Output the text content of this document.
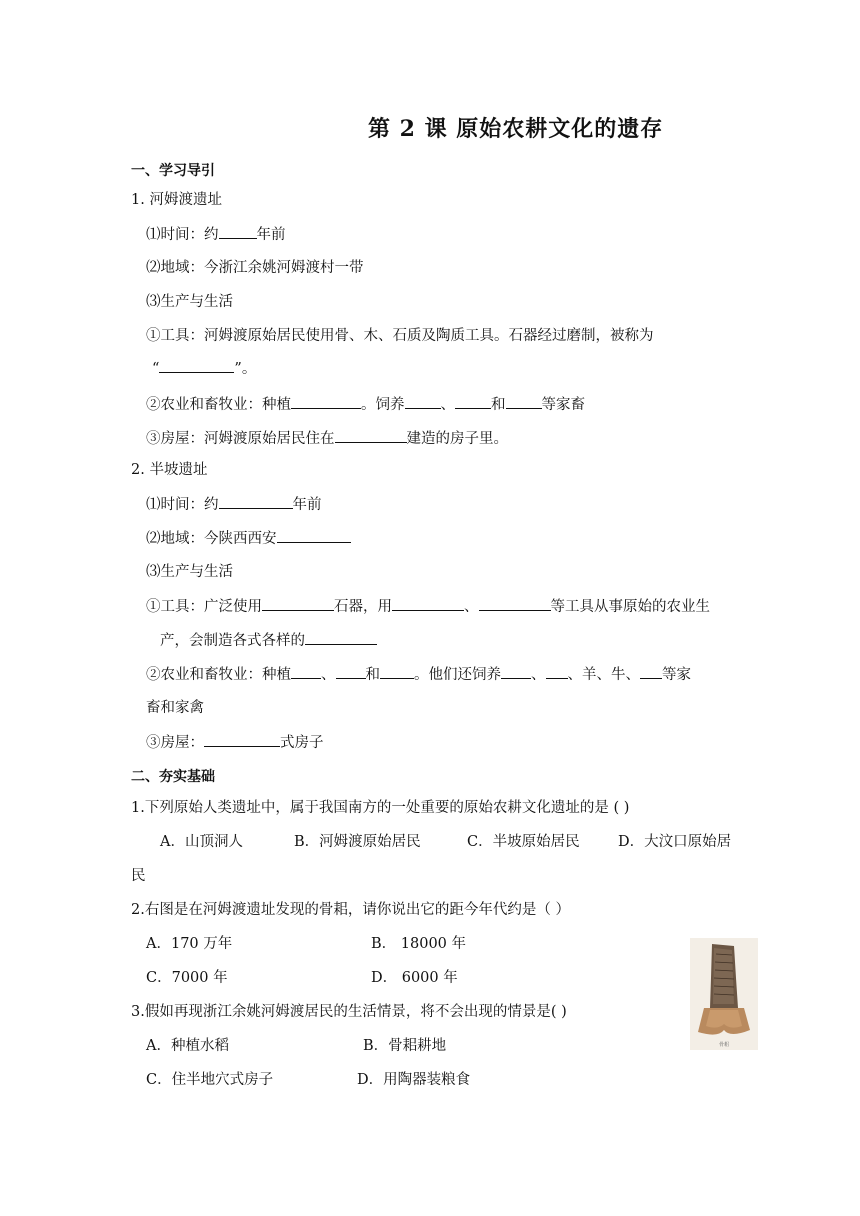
第 2 课 原始农耕文化的遗存
一、学习导引
1. 河姆渡遗址
⑴时间：约	年前
⑵地域：今浙江余姚河姆渡村一带
⑶生产与生活
①工具：河姆渡原始居民使用骨、木、石质及陶质工具。石器经过磨制，被称为
“	”。
②农业和畜牧业：种植	。饲养 、 和 等家畜
③房屋：河姆渡原始居民住在	建造的房子里。
2. 半坡遗址
⑴时间：约	年前
⑵地域：今陕西西安
⑶生产与生活
①工具：广泛使用	石器，用	、	等工具从事原始的农业生
产，会制造各式各样的
②农业和畜牧业：种植 、 和 。他们还饲养 、 、羊、牛、 等家
畜和家禽
③房屋：	式房子
二、夯实基础
1.下列原始人类遗址中，属于我国南方的一处重要的原始农耕文化遗址的是 ( )
A．山顶洞人	B．河姆渡原始居民	C．半坡原始居民	D．大汶口原始居
民
2.右图是在河姆渡遗址发现的骨耜，请你说出它的距今年代约是（ ）
A．170 万年	B． 18000 年
C．7000 年	D． 6000 年
3.假如再现浙江余姚河姆渡居民的生活情景，将不会出现的情景是( )
A．种植水稻	B．骨耜耕地
C．住半地穴式房子	D．用陶器装粮食
骨耜
